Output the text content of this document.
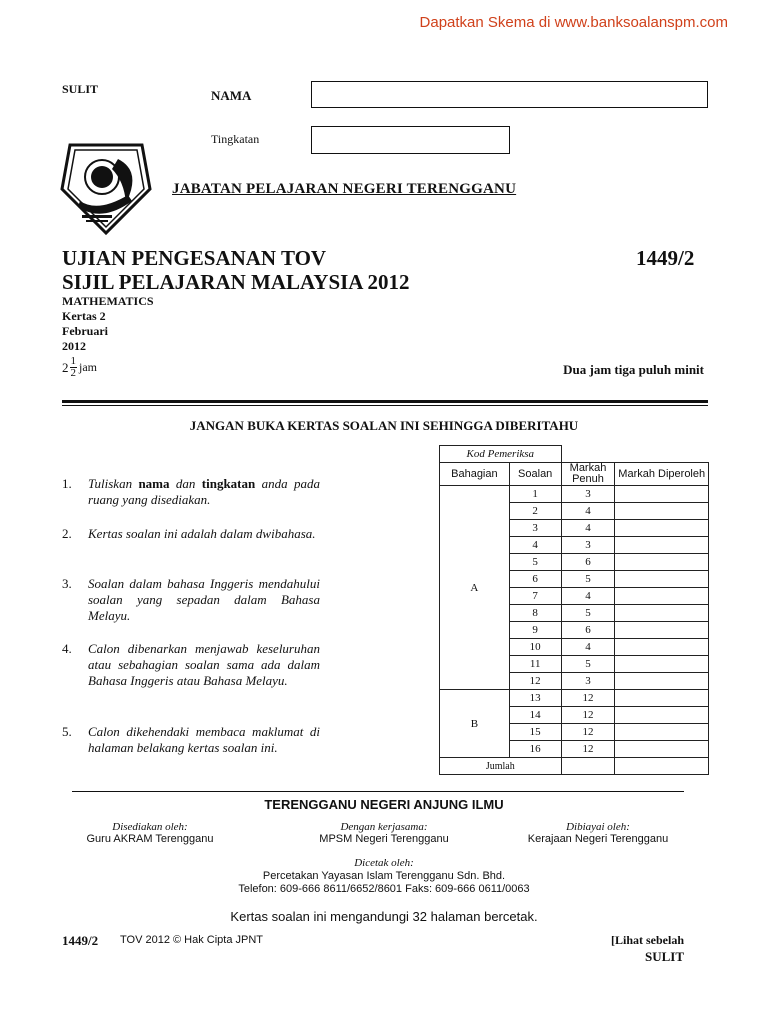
Dapatkan Skema di www.banksoalanspm.com
SULIT	NAMA
Tingkatan
JABATAN PELAJARAN NEGERI TERENGGANU
UJIAN PENGESANAN TOV
SIJIL PELAJARAN MALAYSIA 2012
1449/2
MATHEMATICS
Kertas 2
Februari
2012
$2 \frac{1}{2}$ jam	Dua jam tiga puluh minit
JANGAN BUKA KERTAS SOALAN INI SEHINGGA DIBERITAHU
1. Tuliskan nama dan tingkatan anda pada ruang yang disediakan.
2. Kertas soalan ini adalah dalam dwibahasa.
3. Soalan dalam bahasa Inggeris mendahului soalan yang sepadan dalam Bahasa Melayu.
4. Calon dibenarkan menjawab keseluruhan atau sebahagian soalan sama ada dalam Bahasa Inggeris atau Bahasa Melayu.
5. Calon dikehendaki membaca maklumat di halaman belakang kertas soalan ini.
Kod Pemeriksa			
Bahagian	Soalan	Markah Penuh	Markah Diperoleh
A	1	3	
	2	4	
	3	4	
	4	3	
	5	6	
	6	5	
	7	4	
	8	5	
	9	6	
	10	4	
	11	5	
	12	3	
B	13	12	
	14	12	
	15	12	
	16	12	
Jumlah			
TERENGGANU NEGERI ANJUNG ILMU
Disediakan oleh:
Guru AKRAM Terengganu
Dengan kerjasama:
MPSM Negeri Terengganu
Dibiayai oleh:
Kerajaan Negeri Terengganu
Dicetak oleh:
Percetakan Yayasan Islam Terengganu Sdn. Bhd.
Telefon: 609-666 8611/6652/8601 Faks: 609-666 0611/0063
Kertas soalan ini mengandungi 32 halaman bercetak.
1449/2 TOV 2012 © Hak Cipta JPNT	[Lihat sebelah
SULIT
